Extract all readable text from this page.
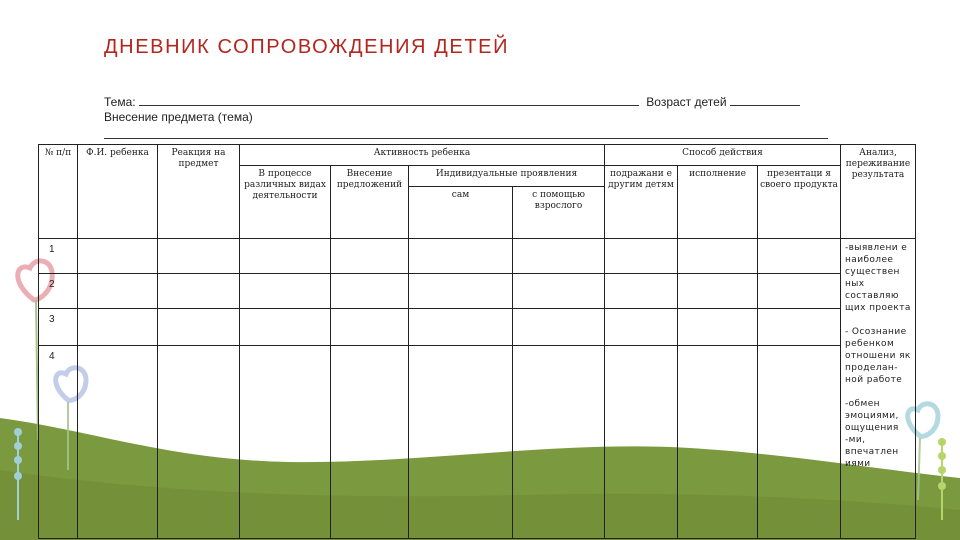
ДНЕВНИК СОПРОВОЖДЕНИЯ ДЕТЕЙ
Тема:	Возраст детей
Внесение предмета (тема)
№ п/п	Ф.И. ребенка	Реакция на предмет	Активность ребенка				Способ действия			Анализ, переживание результата
			В процессе различных видах деятельности	Внесение предложений	Индивидуальные проявления		подражани е другим детям	исполнение	презентаци я своего продукта	
					сам	с помощью взрослого				
1										-выявлени е наиболее существен ных составляю щих проекта
- Осознание ребенком отношени як проделан- ной работе
-обмен эмоциями, ощущения -ми, впечатлен иями

2										
3										
4										
